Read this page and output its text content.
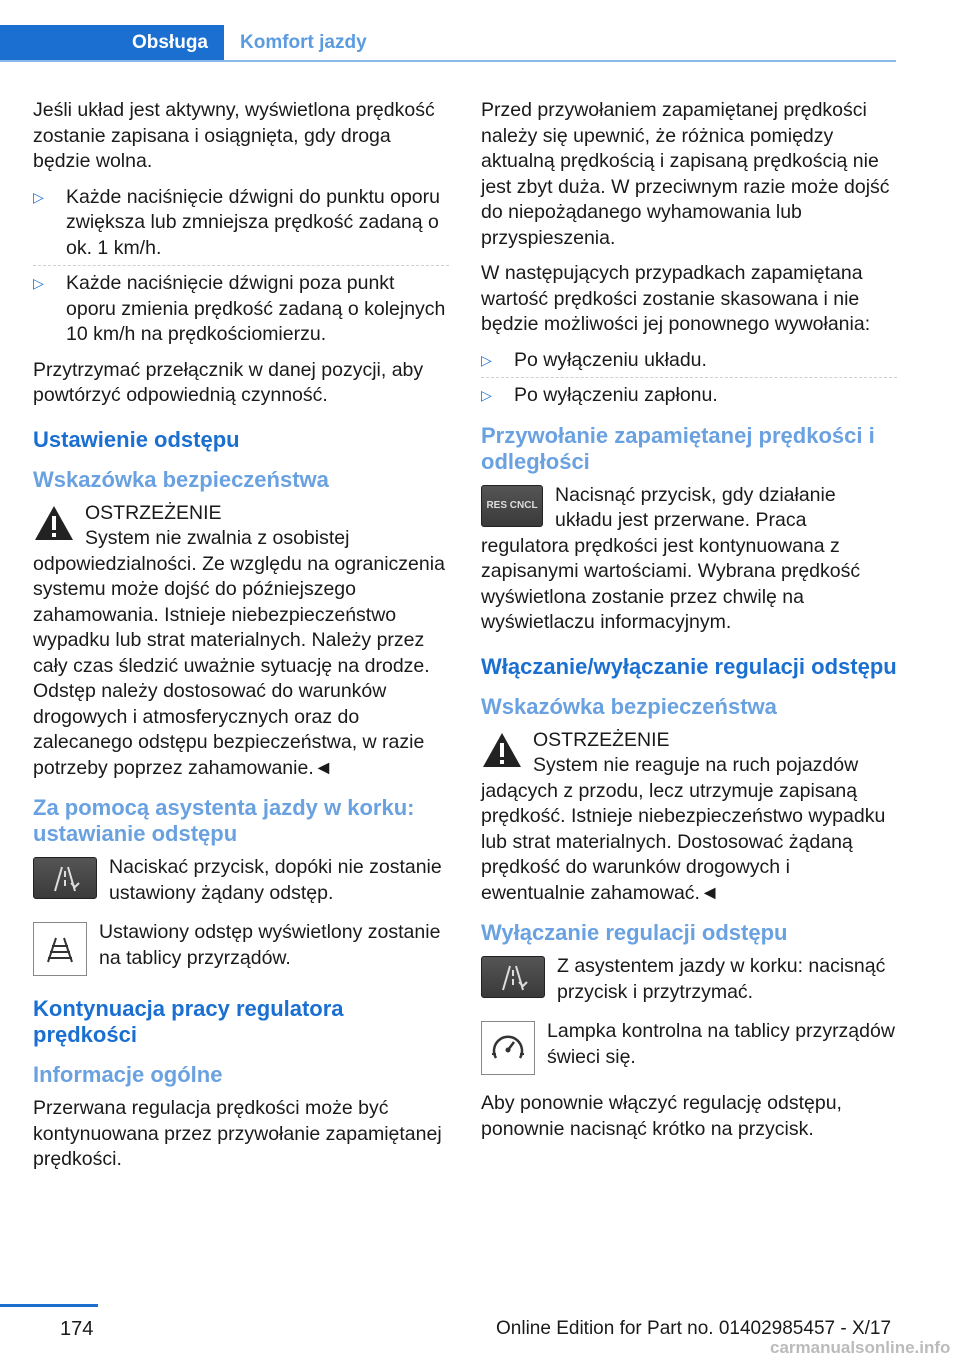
Obsługa	Komfort jazdy

Jeśli układ jest aktywny, wyświetlona prędkość zostanie zapisana i osiągnięta, gdy droga będzie wolna.

▷ Każde naciśnięcie dźwigni do punktu oporu zwiększa lub zmniejsza prędkość zadaną o ok. 1 km/h.
▷ Każde naciśnięcie dźwigni poza punkt oporu zmienia prędkość zadaną o kolejnych 10 km/h na prędkościomierzu.

Przytrzymać przełącznik w danej pozycji, aby powtórzyć odpowiednią czynność.

Ustawienie odstępu
Wskazówka bezpieczeństwa
OSTRZEŻENIE
System nie zwalnia z osobistej odpowiedzialności. Ze względu na ograniczenia systemu może dojść do późniejszego zahamowania. Istnieje niebezpieczeństwo wypadku lub strat materialnych. Należy przez cały czas śledzić uważnie sytuację na drodze. Odstęp należy dostosować do warunków drogowych i atmosferycznych oraz do zalecanego odstępu bezpieczeństwa, w razie potrzeby poprzez zahamowanie.◄
Za pomocą asystenta jazdy w korku: ustawianie odstępu
Naciskać przycisk, dopóki nie zostanie ustawiony żądany odstęp.
Ustawiony odstęp wyświetlony zostanie na tablicy przyrządów.
Kontynuacja pracy regulatora prędkości
Informacje ogólne

Przerwana regulacja prędkości może być kontynuowana przez przywołanie zapamiętanej prędkości.

Przed przywołaniem zapamiętanej prędkości należy się upewnić, że różnica pomiędzy aktualną prędkością i zapisaną prędkością nie jest zbyt duża. W przeciwnym razie może dojść do niepożądanego wyhamowania lub przyspieszenia.

W następujących przypadkach zapamiętana wartość prędkości zostanie skasowana i nie będzie możliwości jej ponownego wywołania:

▷ Po wyłączeniu układu.
▷ Po wyłączeniu zapłonu.
Przywołanie zapamiętanej prędkości i odległości
RES CNCL Nacisnąć przycisk, gdy działanie układu jest przerwane. Praca regulatora prędkości jest kontynuowana z zapisanymi wartościami. Wybrana prędkość wyświetlona zostanie przez chwilę na wyświetlaczu informacyjnym.
Włączanie/wyłączanie regulacji odstępu
Wskazówka bezpieczeństwa
OSTRZEŻENIE
System nie reaguje na ruch pojazdów jadących z przodu, lecz utrzymuje zapisaną prędkość. Istnieje niebezpieczeństwo wypadku lub strat materialnych. Dostosować żądaną prędkość do warunków drogowych i ewentualnie zahamować.◄
Wyłączanie regulacji odstępu
Z asystentem jazdy w korku: nacisnąć przycisk i przytrzymać.
Lampka kontrolna na tablicy przyrządów świeci się.

Aby ponownie włączyć regulację odstępu, ponownie nacisnąć krótko na przycisk.

174	Online Edition for Part no. 01402985457 - X/17
carmanualsonline.info
